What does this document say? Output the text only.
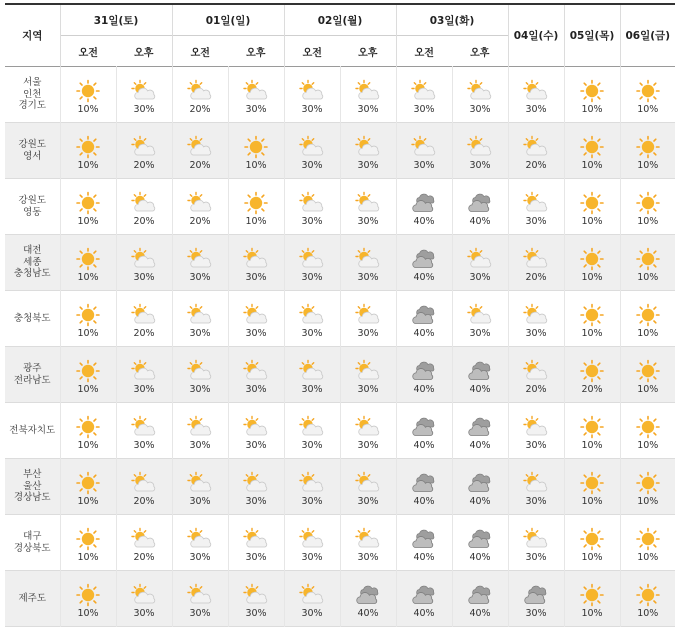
지역	31일(토)		01일(일)		02일(월)		03일(화)		04일(수)	05일(목)	06일(금)
	오전	오후	오전	오후	오전	오후	오전	오후			

서울
인천
경기도	10%	30%	20%	30%	30%	30%	30%	30%	30%	10%	10%

강원도
영서	10%	20%	20%	10%	30%	30%	30%	30%	20%	10%	10%

강원도
영동	10%	20%	20%	10%	30%	30%	40%	40%	30%	10%	10%

대전
세종
충청남도	10%	30%	30%	30%	30%	30%	40%	30%	20%	10%	10%

충청북도	10%	20%	30%	30%	30%	30%	40%	30%	30%	10%	10%

광주
전라남도	10%	30%	30%	30%	30%	30%	40%	40%	20%	20%	10%

전북자치도	10%	30%	30%	30%	30%	30%	40%	40%	30%	10%	10%

부산
울산
경상남도	10%	20%	30%	30%	30%	30%	40%	40%	30%	10%	10%

대구
경상북도	10%	20%	30%	30%	30%	30%	40%	40%	30%	10%	10%

제주도	10%	30%	30%	30%	30%	40%	40%	40%	30%	10%	10%
